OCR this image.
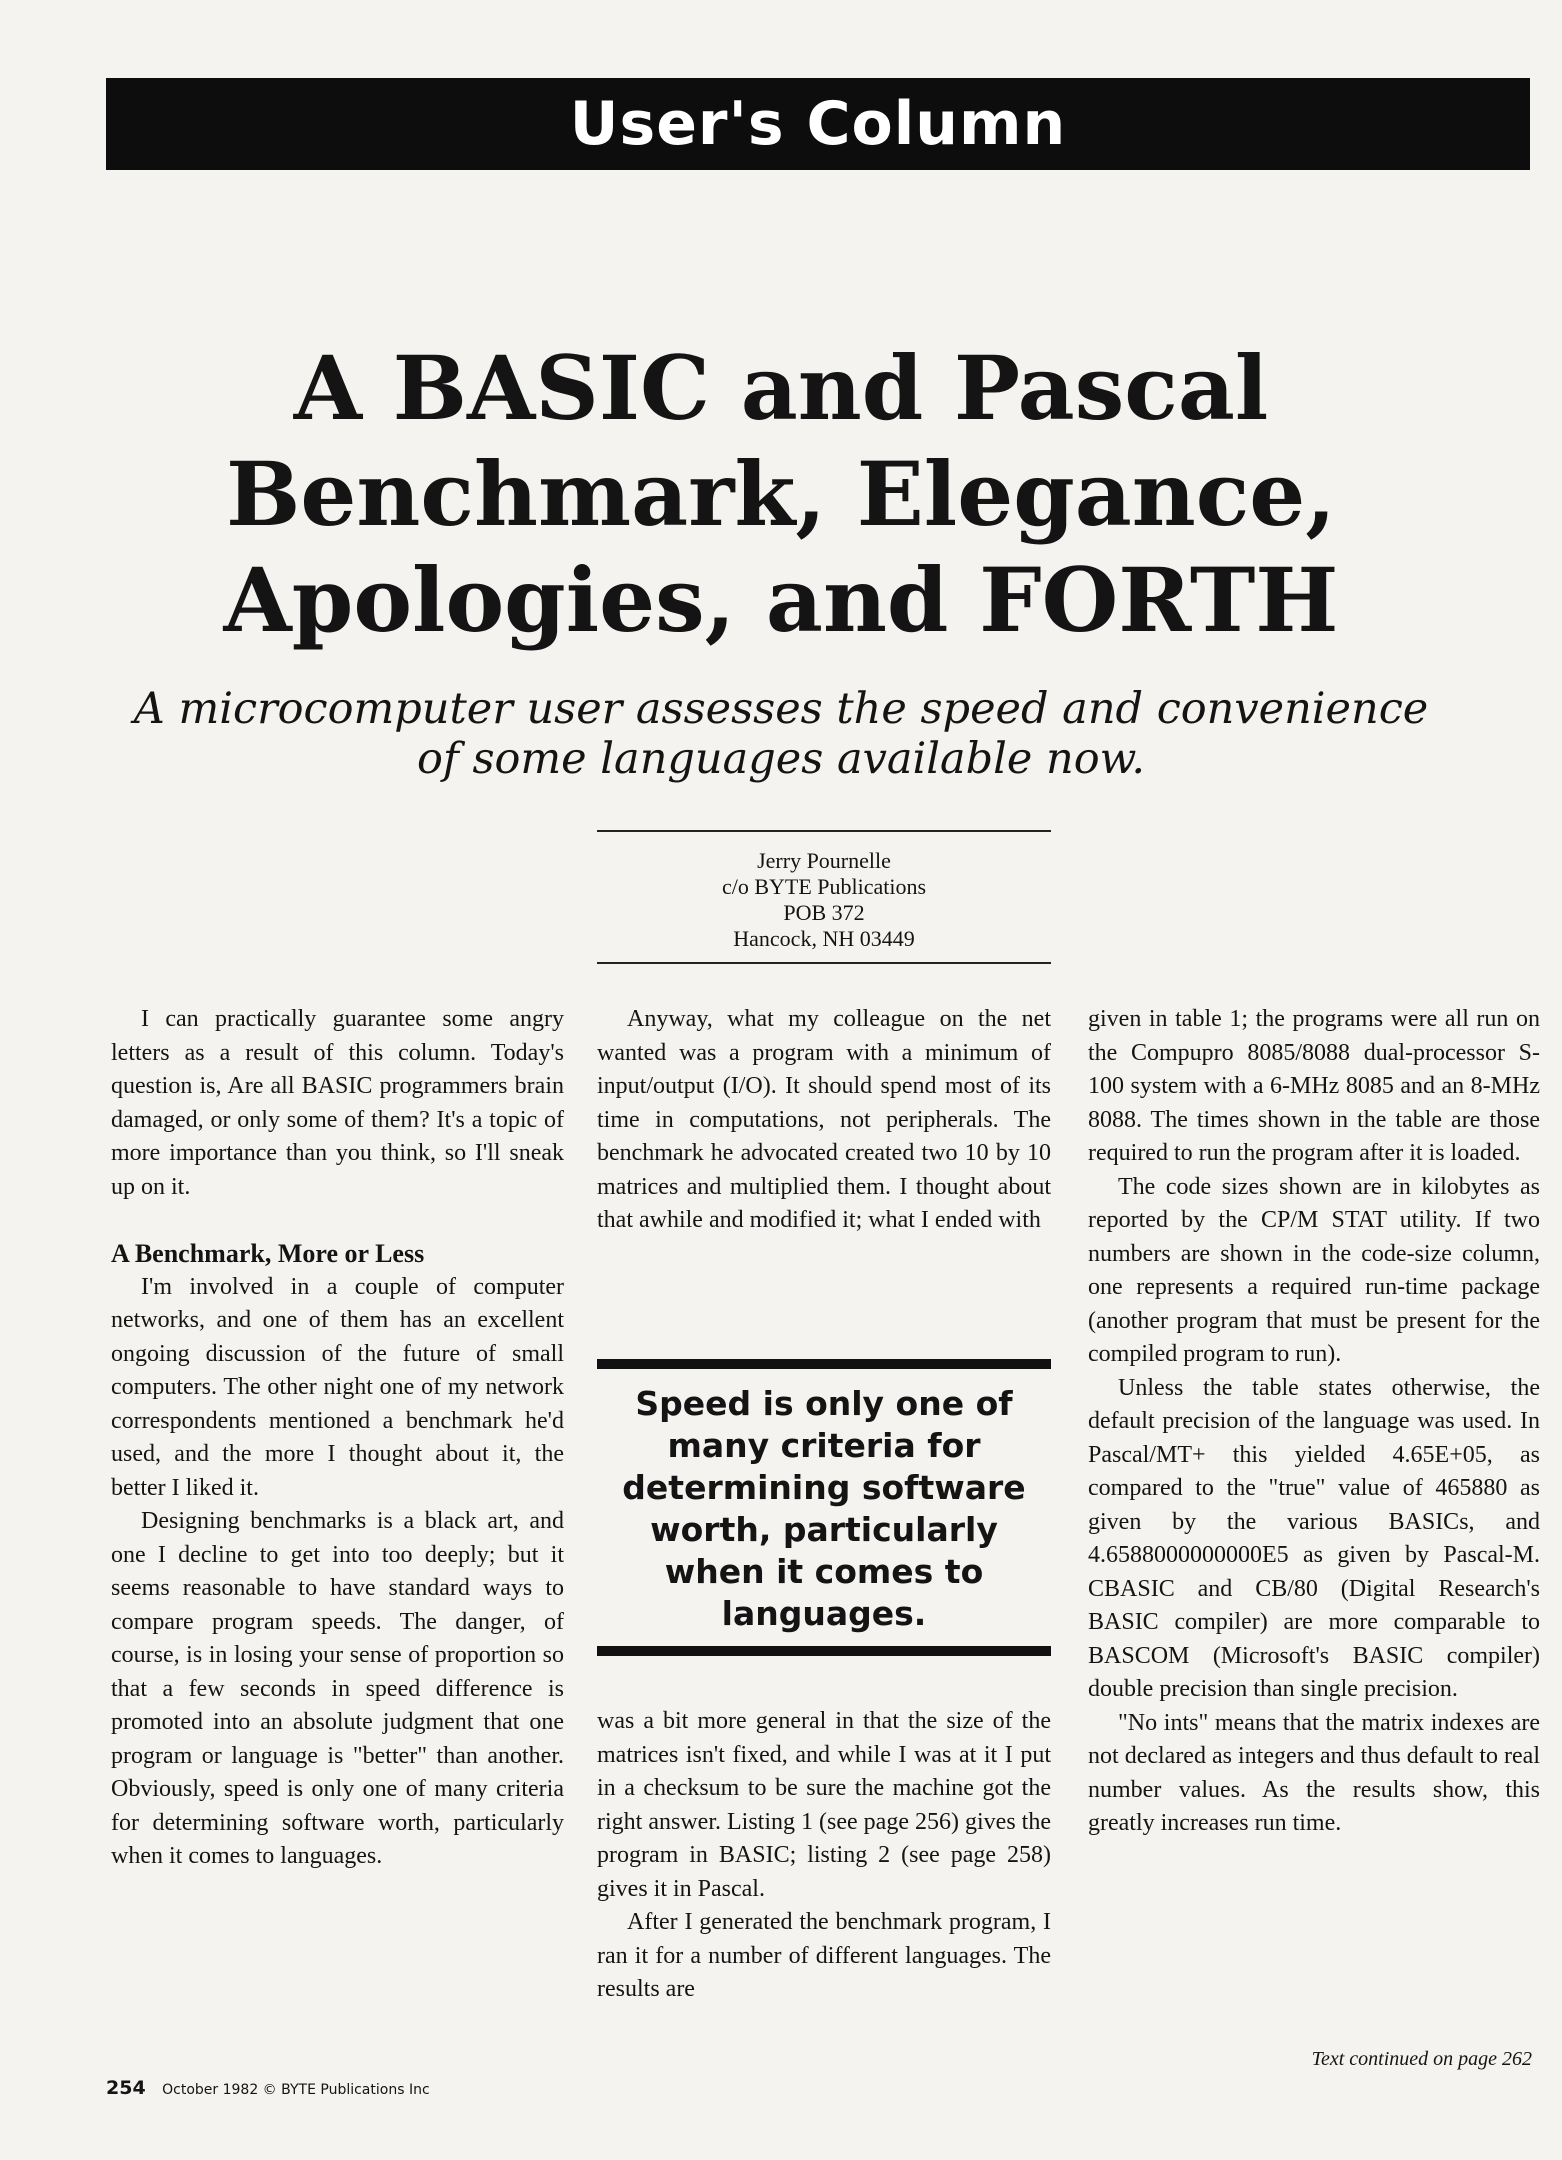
User's Column
A BASIC and Pascal
Benchmark, Elegance,
Apologies, and FORTH
A microcomputer user assesses the speed and convenience
of some languages available now.
Jerry Pournelle
c/o BYTE Publications
POB 372
Hancock, NH 03449

I can practically guarantee some angry letters as a result of this column. Today's question is, Are all BASIC programmers brain damaged, or only some of them? It's a topic of more importance than you think, so I'll sneak up on it.

A Benchmark, More or Less

I'm involved in a couple of computer networks, and one of them has an excellent ongoing discussion of the future of small computers. The other night one of my network correspondents mentioned a benchmark he'd used, and the more I thought about it, the better I liked it.

Designing benchmarks is a black art, and one I decline to get into too deeply; but it seems reasonable to have standard ways to compare program speeds. The danger, of course, is in losing your sense of proportion so that a few seconds in speed difference is promoted into an absolute judgment that one program or language is "better" than another. Obviously, speed is only one of many criteria for determining software worth, particularly when it comes to languages.

Anyway, what my colleague on the net wanted was a program with a minimum of input/output (I/O). It should spend most of its time in computations, not peripherals. The benchmark he advocated created two 10 by 10 matrices and multiplied them. I thought about that awhile and modified it; what I ended with

Speed is only one of
many criteria for
determining software
worth, particularly
when it comes to
languages.

was a bit more general in that the size of the matrices isn't fixed, and while I was at it I put in a checksum to be sure the machine got the right answer. Listing 1 (see page 256) gives the program in BASIC; listing 2 (see page 258) gives it in Pascal.

After I generated the benchmark program, I ran it for a number of different languages. The results are

given in table 1; the programs were all run on the Compupro 8085/8088 dual-processor S-100 system with a 6-MHz 8085 and an 8-MHz 8088. The times shown in the table are those required to run the program after it is loaded.

The code sizes shown are in kilobytes as reported by the CP/M STAT utility. If two numbers are shown in the code-size column, one represents a required run-time package (another program that must be present for the compiled program to run).

Unless the table states otherwise, the default precision of the language was used. In Pascal/MT+ this yielded 4.65E+05, as compared to the "true" value of 465880 as given by the various BASICs, and 4.6588000000000E5 as given by Pascal-M. CBASIC and CB/80 (Digital Research's BASIC compiler) are more comparable to BASCOM (Microsoft's BASIC compiler) double precision than single precision.

"No ints" means that the matrix indexes are not declared as integers and thus default to real number values. As the results show, this greatly increases run time.

Text continued on page 262
254 October 1982 © BYTE Publications Inc
